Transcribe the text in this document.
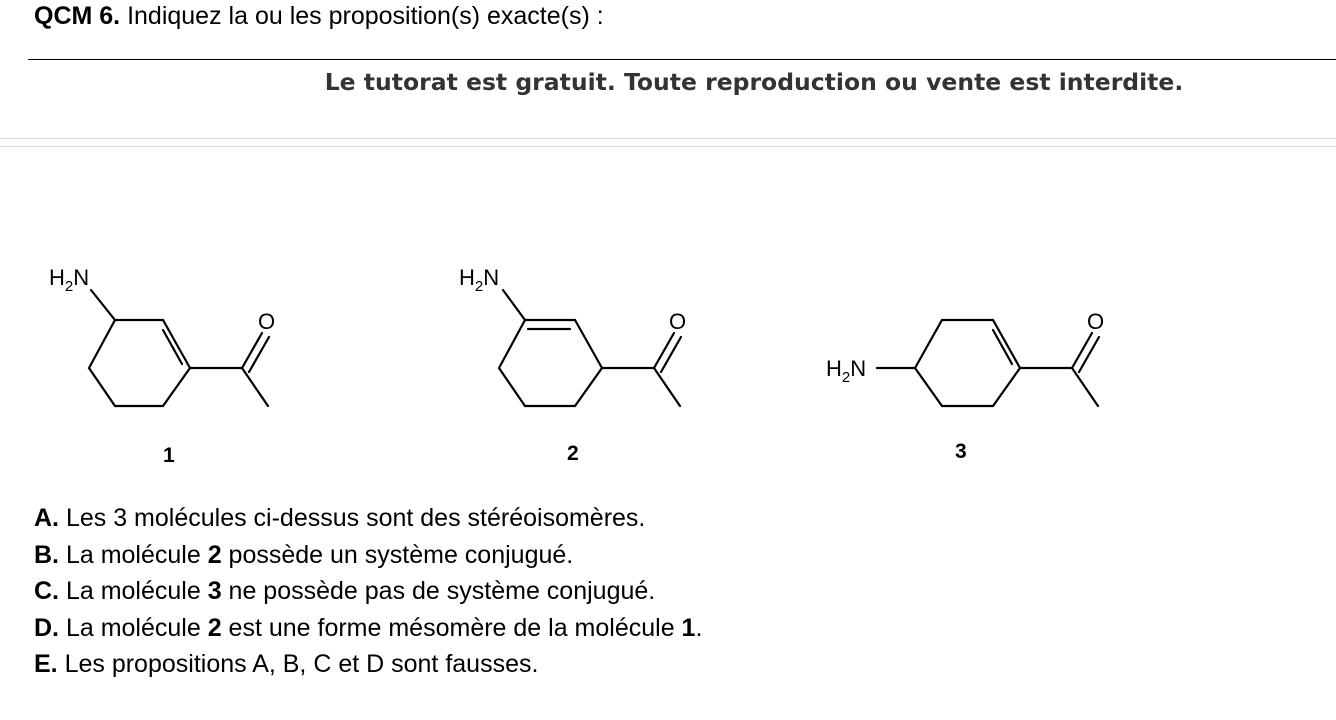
QCM 6. Indiquez la ou les proposition(s) exacte(s) :
Le tutorat est gratuit. Toute reproduction ou vente est interdite.
$H_2N$
O
1
$H_2N$
O
2
$H_2N$
O
3
A. Les 3 molécules ci-dessus sont des stéréoisomères.
B. La molécule 2 possède un système conjugué.
C. La molécule 3 ne possède pas de système conjugué.
D. La molécule 2 est une forme mésomère de la molécule 1.
E. Les propositions A, B, C et D sont fausses.
